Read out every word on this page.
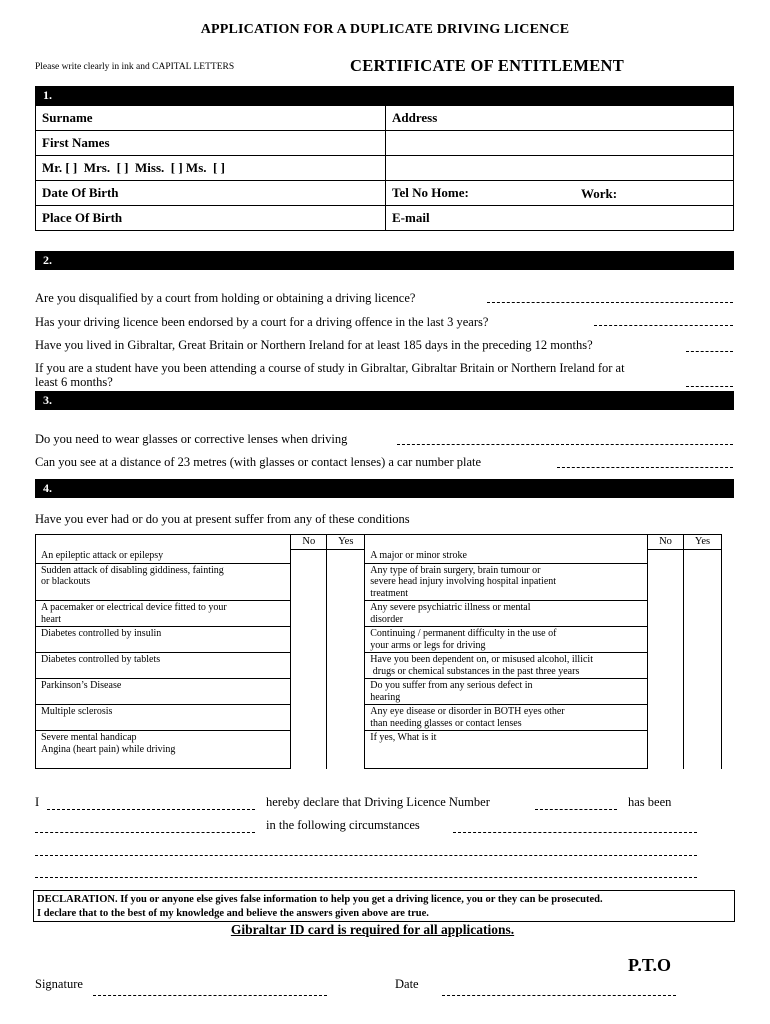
APPLICATION FOR A DUPLICATE DRIVING LICENCE
Please write clearly in ink and CAPITAL LETTERS	CERTIFICATE OF ENTITLEMENT
1.
Surname	Address
First Names	
Mr. [ ]  Mrs.  [ ]  Miss.  [ ] Ms.  [ ]	
Date Of Birth	Tel No Home: Work:

Place Of Birth	E-mail
2.
Are you disqualified by a court from holding or obtaining a driving licence?
Has your driving licence been endorsed by a court for a driving offence in the last 3 years?
Have you lived in Gibraltar, Great Britain or Northern Ireland for at least 185 days in the preceding 12 months?
If you are a student have you been attending a course of study in Gibraltar, Gibraltar Britain or Northern Ireland for at
least 6 months?
3.
Do you need to wear glasses or corrective lenses when driving
Can you see at a distance of 23 metres (with glasses or contact lenses) a car number plate
4.
Have you ever had or do you at present suffer from any of these conditions
	No	Yes		No	Yes
An epileptic attack or epilepsy			A major or minor stroke		
Sudden attack of disabling giddiness, fainting
or blackouts			Any type of brain surgery, brain tumour or
severe head injury involving hospital inpatient
treatment		
A pacemaker or electrical device fitted to your
heart			Any severe psychiatric illness or mental
disorder		
Diabetes controlled by insulin			Continuing / permanent difficulty in the use of
your arms or legs for driving		
Diabetes controlled by tablets			Have you been dependent on, or misused alcohol, illicit
drugs or chemical substances in the past three years		
Parkinson’s Disease			Do you suffer from any serious defect in
hearing		
Multiple sclerosis			Any eye disease or disorder in BOTH eyes other
than needing glasses or contact lenses		
Severe mental handicap
Angina (heart pain) while driving			If yes, What is it		
I	hereby declare that Driving Licence Number	has been
in the following circumstances
DECLARATION. If you or anyone else gives false information to help you get a driving licence, you or they can be prosecuted.
I declare that to the best of my knowledge and believe the answers given above are true.
Gibraltar ID card is required for all applications.
P.T.O
Signature	Date
